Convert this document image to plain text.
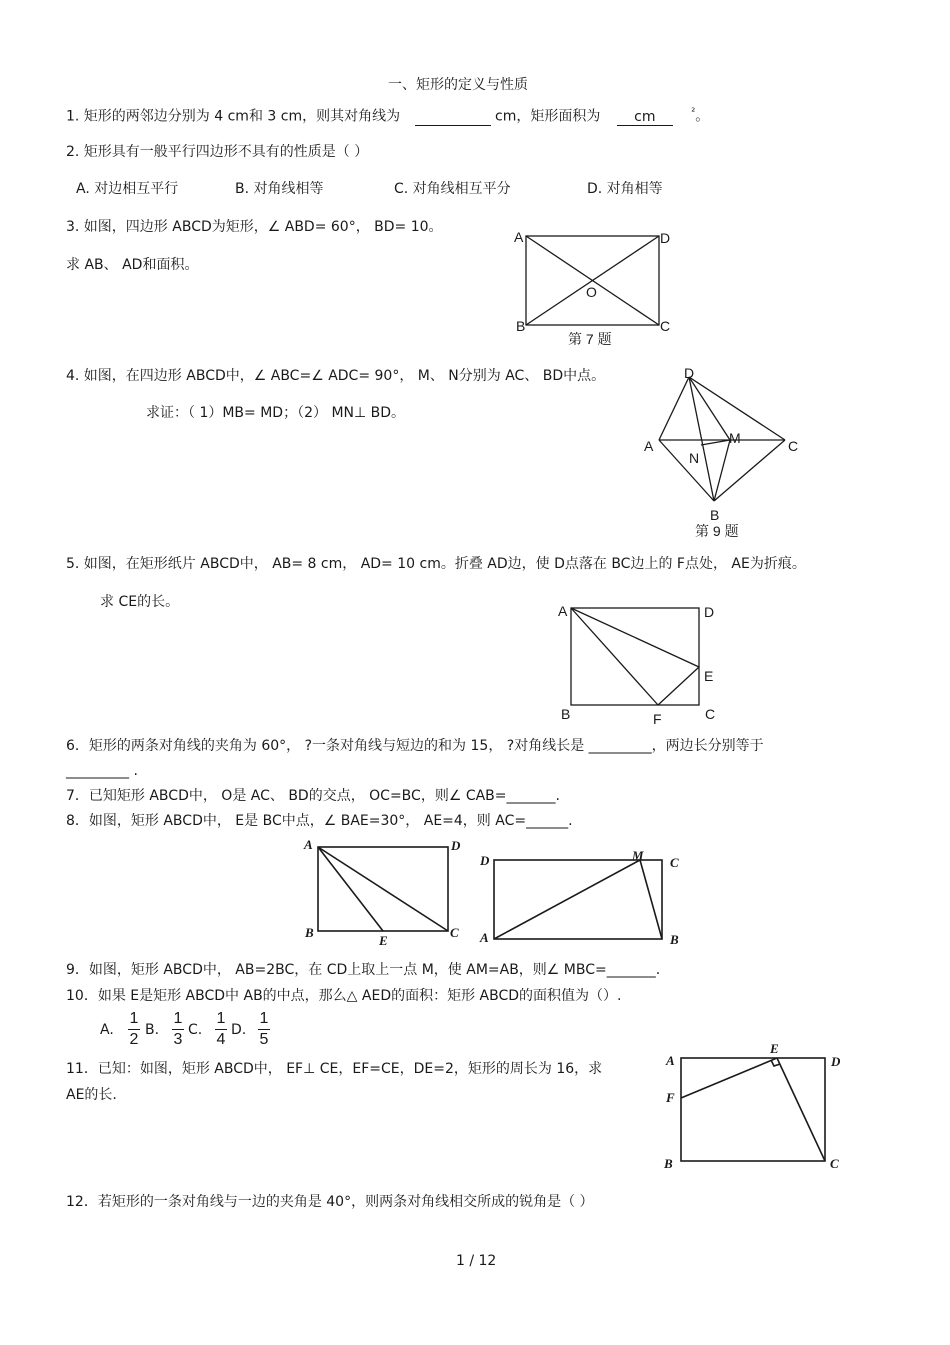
一、矩形的定义与性质
1. 矩形的两邻边分别为 4 cm和 3 cm，则其对角线为	cm，矩形面积为 cm	$^{^2}$。
2. 矩形具有一般平行四边形不具有的性质是（ ）
A. 对边相互平行	B. 对角线相等	C. 对角线相互平分	D. 对角相等
3. 如图，四边形 ABCD为矩形，∠ ABD= 60°， BD= 10。
求 AB、 AD和面积。
A	D
O
B	C
第 7 题
4. 如图，在四边形 ABCD中，∠ ABC=∠ ADC= 90°， M、 N分别为 AC、 BD中点。
求证：（ 1）MB= MD；（2） MN⊥ BD。
D
A	M	C
N
B
第 9 题
5. 如图，在矩形纸片 ABCD中， AB= 8 cm， AD= 10 cm。折叠 AD边，使 D点落在 BC边上的 F点处， AE为折痕。
求 CE的长。
A	D
E
B	F	C
6．矩形的两条对角线的夹角为 60°， ?一条对角线与短边的和为 15， ?对角线长是 _________，两边长分别等于
_________ .
7．已知矩形 ABCD中， O是 AC、 BD的交点， OC=BC，则∠ CAB=_______.
8．如图，矩形 ABCD中， E是 BC中点，∠ BAE=30°， AE=4，则 AC=______.
A	D
B
E
C
D	M C
A	B
9．如图，矩形 ABCD中， AB=2BC，在 CD上取上一点 M，使 AM=AB，则∠ MBC=_______.
10．如果 E是矩形 ABCD中 AB的中点，那么△ AED的面积：矩形 ABCD的面积值为（）.
A.
1
2
B.
1
3
C.
1
4
D.
1
5
11．已知：如图，矩形 ABCD中， EF⊥ CE，EF=CE，DE=2，矩形的周长为 16，求
AE的长.
A
E
D
F
B	C
12．若矩形的一条对角线与一边的夹角是 40°，则两条对角线相交所成的锐角是（ ）
1 / 12
